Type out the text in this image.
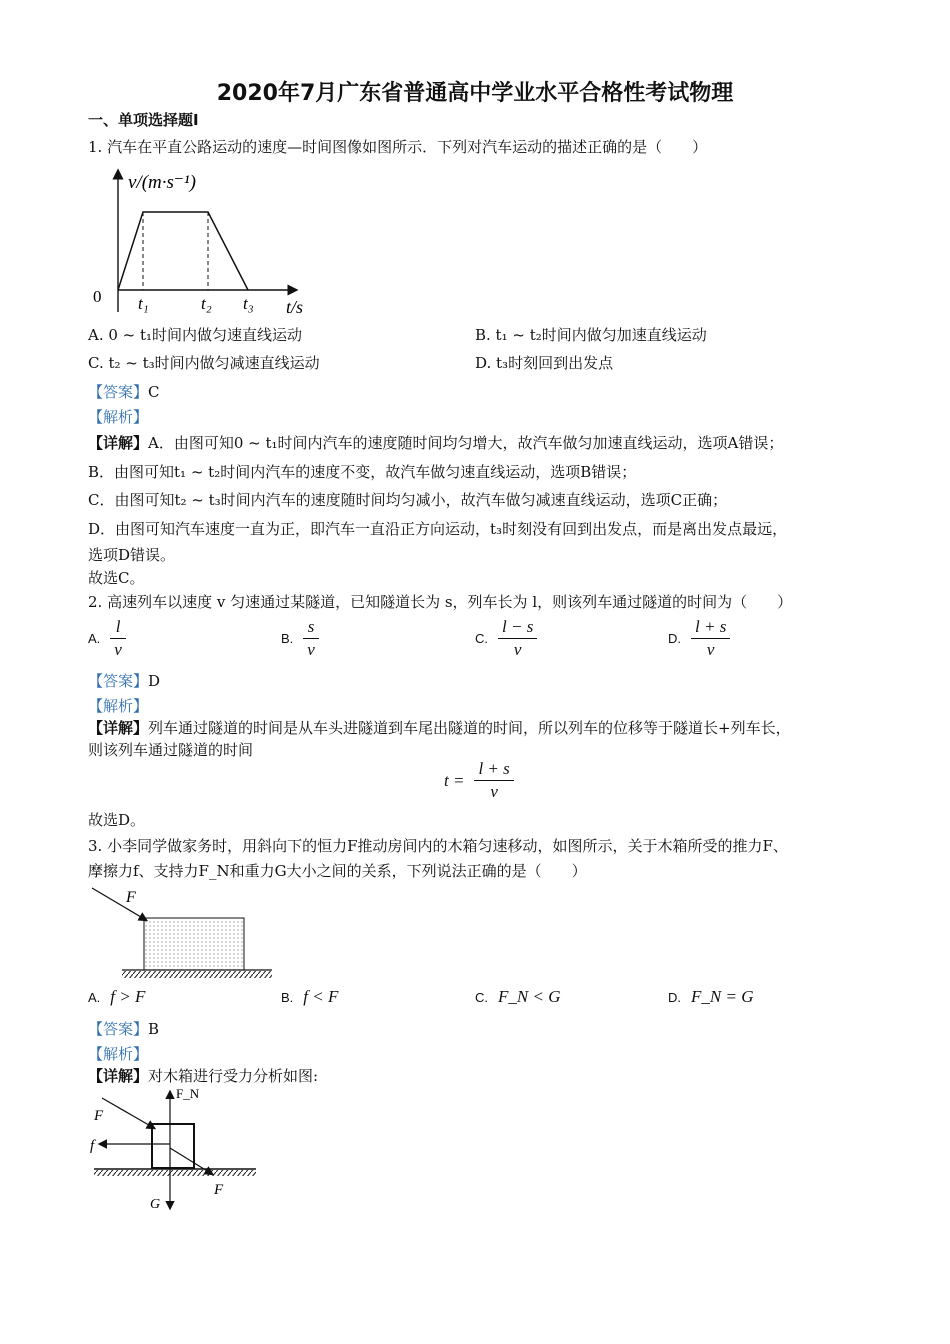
2020年7月广东省普通高中学业水平合格性考试物理
一、单项选择题Ⅰ
1. 汽车在平直公路运动的速度—时间图像如图所示．下列对汽车运动的描述正确的是（　　）
v/(m·s⁻¹)
0 t₁	t₂ t₃ t/s
A. 0 ~ t₁时间内做匀速直线运动	B. t₁ ~ t₂时间内做匀加速直线运动
C. t₂ ~ t₃时间内做匀减速直线运动	D. t₃时刻回到出发点
【答案】C
【解析】
【详解】A．由图可知0 ~ t₁时间内汽车的速度随时间均匀增大，故汽车做匀加速直线运动，选项A错误；
B．由图可知t₁ ~ t₂时间内汽车的速度不变，故汽车做匀速直线运动，选项B错误；
C．由图可知t₂ ~ t₃时间内汽车的速度随时间均匀减小，故汽车做匀减速直线运动，选项C正确；
D．由图可知汽车速度一直为正，即汽车一直沿正方向运动，t₃时刻没有回到出发点，而是离出发点最远，
选项D错误。
故选C。
2. 高速列车以速度 v 匀速通过某隧道，已知隧道长为 s，列车长为 l，则该列车通过隧道的时间为（　　）
A. $\frac{l}{v}$	B. $\frac{s}{v}$	C. $\frac{l - s}{v}$	D. $\frac{l + s}{v}$
【答案】D
【解析】
【详解】列车通过隧道的时间是从车头进隧道到车尾出隧道的时间，所以列车的位移等于隧道长+列车长，
则该列车通过隧道的时间
$t = \frac{l + s}{v}$
故选D。
3. 小李同学做家务时，用斜向下的恒力F推动房间内的木箱匀速移动，如图所示，关于木箱所受的推力F、
摩擦力f、支持力F_N和重力G大小之间的关系，下列说法正确的是（　　）
F
A. f > F	B. f < F	C. F_N < G	D. F_N = G
【答案】B
【解析】
【详解】对木箱进行受力分析如图:
F
F_N
f
G
F
